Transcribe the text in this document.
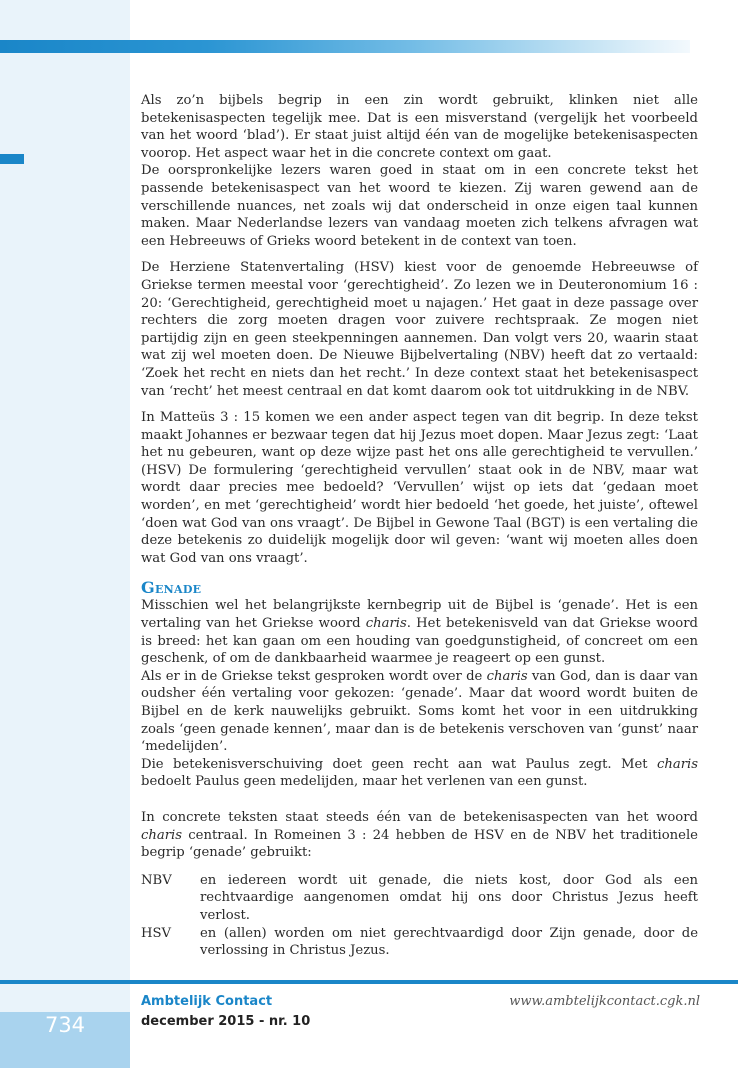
Als zo’n bijbels begrip in een zin wordt gebruikt, klinken niet alle betekenisaspecten tegelijk mee. Dat is een misverstand (vergelijk het voorbeeld van het woord ‘blad’). Er staat juist altijd één van de mogelijke betekenisaspecten voorop. Het aspect waar het in die concrete context om gaat.

De oorspronkelijke lezers waren goed in staat om in een concrete tekst het passende betekenisaspect van het woord te kiezen. Zij waren gewend aan de verschillende nuances, net zoals wij dat onderscheid in onze eigen taal kunnen maken. Maar Nederlandse lezers van vandaag moeten zich telkens afvragen wat een Hebreeuws of Grieks woord betekent in de context van toen.

De Herziene Statenvertaling (HSV) kiest voor de genoemde Hebreeuwse of Griekse termen meestal voor ‘gerechtigheid’. Zo lezen we in Deuteronomium 16 : 20: ‘Gerechtigheid, gerechtigheid moet u najagen.’ Het gaat in deze passage over rechters die zorg moeten dragen voor zuivere rechtspraak. Ze mogen niet partijdig zijn en geen steekpenningen aannemen. Dan volgt vers 20, waarin staat wat zij wel moeten doen. De Nieuwe Bijbelvertaling (NBV) heeft dat zo vertaald: ‘Zoek het recht en niets dan het recht.’ In deze context staat het betekenisaspect van ‘recht’ het meest centraal en dat komt daarom ook tot uitdrukking in de NBV.

In Matteüs 3 : 15 komen we een ander aspect tegen van dit begrip. In deze tekst maakt Johannes er bezwaar tegen dat hij Jezus moet dopen. Maar Jezus zegt: ‘Laat het nu gebeuren, want op deze wijze past het ons alle gerechtigheid te vervullen.’ (HSV) De formulering ‘gerechtigheid vervullen’ staat ook in de NBV, maar wat wordt daar precies mee bedoeld? ‘Vervullen’ wijst op iets dat ‘gedaan moet worden’, en met ‘gerechtigheid’ wordt hier bedoeld ‘het goede, het juiste’, oftewel ‘doen wat God van ons vraagt’. De Bijbel in Gewone Taal (BGT) is een vertaling die deze betekenis zo duidelijk mogelijk door wil geven: ‘want wij moeten alles doen wat God van ons vraagt’.

Genade

Misschien wel het belangrijkste kernbegrip uit de Bijbel is ‘genade’. Het is een vertaling van het Griekse woord charis. Het betekenisveld van dat Griekse woord is breed: het kan gaan om een houding van goedgunstigheid, of concreet om een geschenk, of om de dankbaarheid waarmee je reageert op een gunst.

Als er in de Griekse tekst gesproken wordt over de charis van God, dan is daar van oudsher één vertaling voor gekozen: ‘genade’. Maar dat woord wordt buiten de Bijbel en de kerk nauwelijks gebruikt. Soms komt het voor in een uitdrukking zoals ‘geen genade kennen’, maar dan is de betekenis verschoven van ‘gunst’ naar ‘medelijden’.

Die betekenisverschuiving doet geen recht aan wat Paulus zegt. Met charis bedoelt Paulus geen medelijden, maar het verlenen van een gunst.

In concrete teksten staat steeds één van de betekenisaspecten van het woord charis centraal. In Romeinen 3 : 24 hebben de HSV en de NBV het traditionele begrip ‘genade’ gebruikt:

NBV	en iedereen wordt uit genade, die niets kost, door God als een rechtvaardige aangenomen omdat hij ons door Christus Jezus heeft verlost.
HSV	en (allen) worden om niet gerechtvaardigd door Zijn genade, door de verlossing in Christus Jezus.
734
Ambtelijk Contact
december 2015 - nr. 10
www.ambtelijkcontact.cgk.nl
